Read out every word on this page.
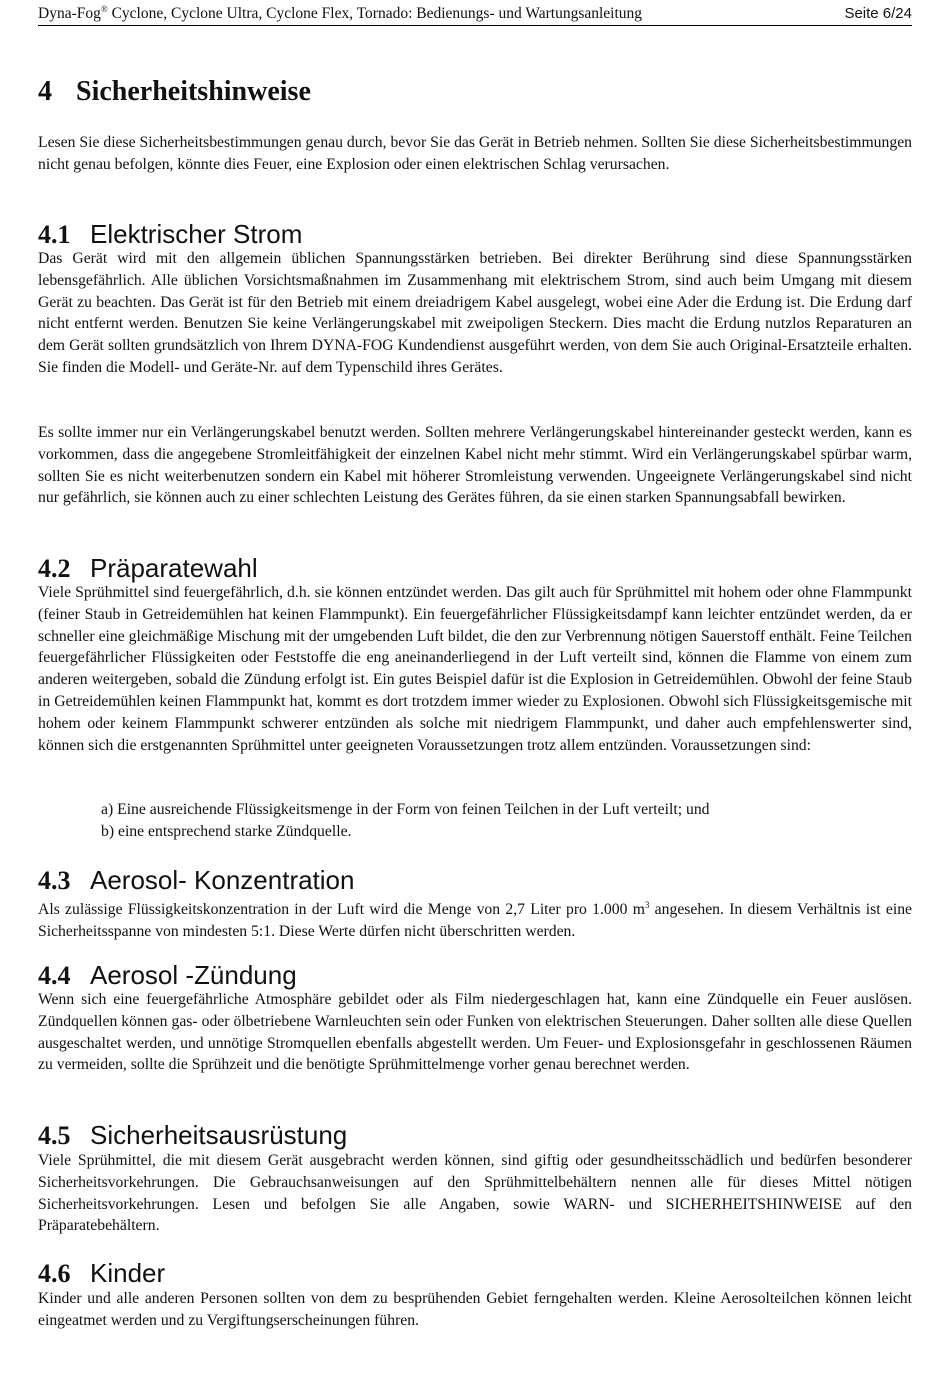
Dyna-Fog® Cyclone, Cyclone Ultra, Cyclone Flex, Tornado: Bedienungs- und Wartungsanleitung	Seite 6/24
4 Sicherheitshinweise

Lesen Sie diese Sicherheitsbestimmungen genau durch, bevor Sie das Gerät in Betrieb nehmen. Sollten Sie diese Sicherheitsbestimmungen nicht genau befolgen, könnte dies Feuer, eine Explosion oder einen elektrischen Schlag verursachen.

4.1 Elektrischer Strom

Das Gerät wird mit den allgemein üblichen Spannungsstärken betrieben. Bei direkter Berührung sind diese Spannungsstärken lebensgefährlich. Alle üblichen Vorsichtsmaßnahmen im Zusammenhang mit elektrischem Strom, sind auch beim Umgang mit diesem Gerät zu beachten. Das Gerät ist für den Betrieb mit einem dreiadrigem Kabel ausgelegt, wobei eine Ader die Erdung ist. Die Erdung darf nicht entfernt werden. Benutzen Sie keine Verlängerungskabel mit zweipoligen Steckern. Dies macht die Erdung nutzlos Reparaturen an dem Gerät sollten grundsätzlich von Ihrem DYNA-FOG Kundendienst ausgeführt werden, von dem Sie auch Original-Ersatzteile erhalten. Sie finden die Modell- und Geräte-Nr. auf dem Typenschild ihres Gerätes.

Es sollte immer nur ein Verlängerungskabel benutzt werden. Sollten mehrere Verlängerungskabel hintereinander gesteckt werden, kann es vorkommen, dass die angegebene Stromleitfähigkeit der einzelnen Kabel nicht mehr stimmt. Wird ein Verlängerungskabel spürbar warm, sollten Sie es nicht weiterbenutzen sondern ein Kabel mit höherer Stromleistung verwenden. Ungeeignete Verlängerungskabel sind nicht nur gefährlich, sie können auch zu einer schlechten Leistung des Gerätes führen, da sie einen starken Spannungsabfall bewirken.

4.2 Präparatewahl

Viele Sprühmittel sind feuergefährlich, d.h. sie können entzündet werden. Das gilt auch für Sprühmittel mit hohem oder ohne Flammpunkt (feiner Staub in Getreidemühlen hat keinen Flammpunkt). Ein feuergefährlicher Flüssigkeitsdampf kann leichter entzündet werden, da er schneller eine gleichmäßige Mischung mit der umgebenden Luft bildet, die den zur Verbrennung nötigen Sauerstoff enthält. Feine Teilchen feuergefährlicher Flüssigkeiten oder Feststoffe die eng aneinanderliegend in der Luft verteilt sind, können die Flamme von einem zum anderen weitergeben, sobald die Zündung erfolgt ist. Ein gutes Beispiel dafür ist die Explosion in Getreidemühlen. Obwohl der feine Staub in Getreidemühlen keinen Flammpunkt hat, kommt es dort trotzdem immer wieder zu Explosionen. Obwohl sich Flüssigkeitsgemische mit hohem oder keinem Flammpunkt schwerer entzünden als solche mit niedrigem Flammpunkt, und daher auch empfehlenswerter sind, können sich die erstgenannten Sprühmittel unter geeigneten Voraussetzungen trotz allem entzünden. Voraussetzungen sind:

a) Eine ausreichende Flüssigkeitsmenge in der Form von feinen Teilchen in der Luft verteilt; und
b) eine entsprechend starke Zündquelle.
4.3 Aerosol- Konzentration

Als zulässige Flüssigkeitskonzentration in der Luft wird die Menge von 2,7 Liter pro 1.000 $m^3$ angesehen. In diesem Verhältnis ist eine Sicherheitsspanne von mindesten 5:1. Diese Werte dürfen nicht überschritten werden.

4.4 Aerosol -Zündung

Wenn sich eine feuergefährliche Atmosphäre gebildet oder als Film niedergeschlagen hat, kann eine Zündquelle ein Feuer auslösen. Zündquellen können gas- oder ölbetriebene Warnleuchten sein oder Funken von elektrischen Steuerungen. Daher sollten alle diese Quellen ausgeschaltet werden, und unnötige Stromquellen ebenfalls abgestellt werden. Um Feuer- und Explosionsgefahr in geschlossenen Räumen zu vermeiden, sollte die Sprühzeit und die benötigte Sprühmittelmenge vorher genau berechnet werden.

4.5 Sicherheitsausrüstung

Viele Sprühmittel, die mit diesem Gerät ausgebracht werden können, sind giftig oder gesundheitsschädlich und bedürfen besonderer Sicherheitsvorkehrungen. Die Gebrauchsanweisungen auf den Sprühmittelbehältern nennen alle für dieses Mittel nötigen Sicherheitsvorkehrungen. Lesen und befolgen Sie alle Angaben, sowie WARN- und SICHERHEITSHINWEISE auf den Präparatebehältern.

4.6 Kinder

Kinder und alle anderen Personen sollten von dem zu besprühenden Gebiet ferngehalten werden. Kleine Aerosolteilchen können leicht eingeatmet werden und zu Vergiftungserscheinungen führen.
